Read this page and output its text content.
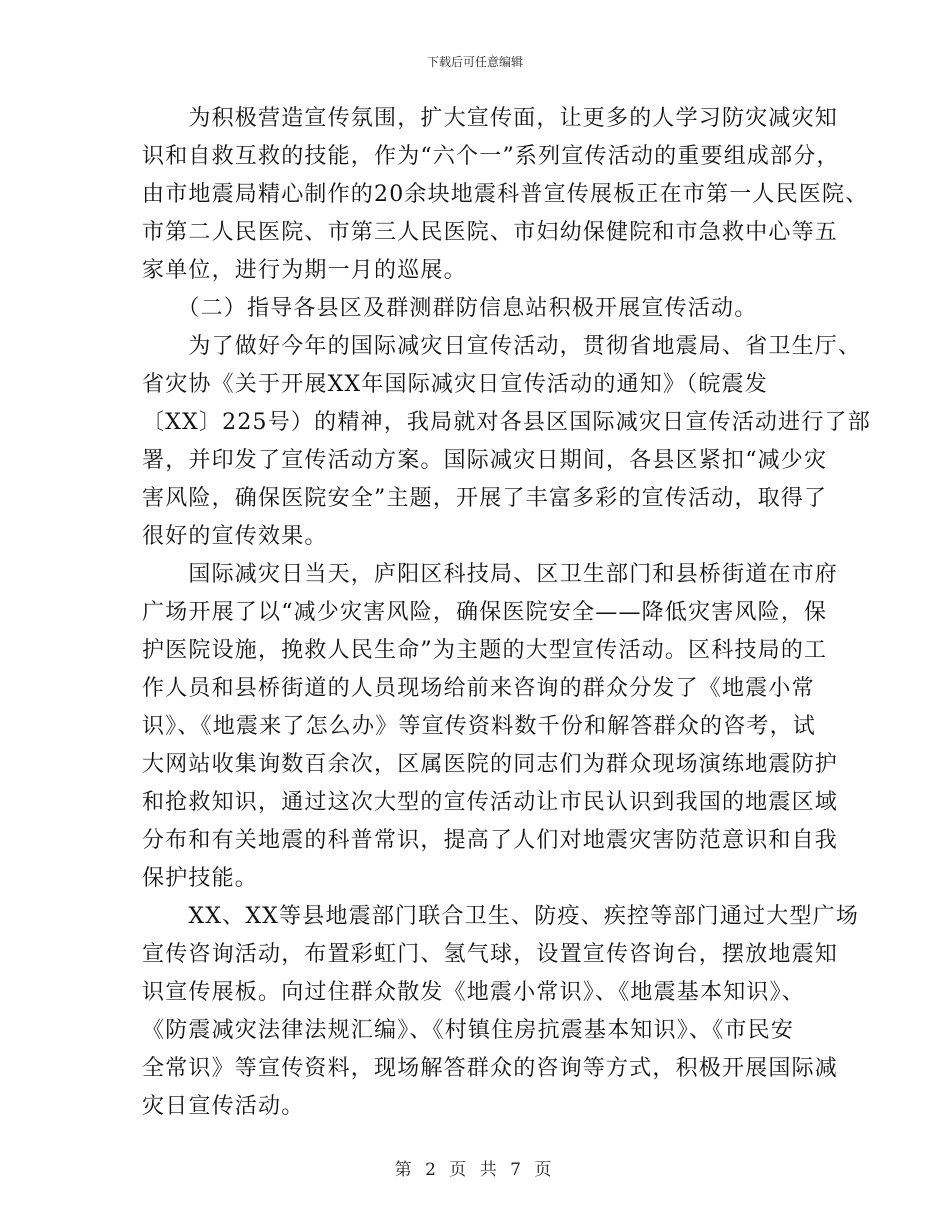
下载后可任意编辑
　　为积极营造宣传氛围，扩大宣传面，让更多的人学习防灾减灾知
识和自救互救的技能，作为“六个一”系列宣传活动的重要组成部分，
由市地震局精心制作的20余块地震科普宣传展板正在市第一人民医院、
市第二人民医院、市第三人民医院、市妇幼保健院和市急救中心等五
家单位，进行为期一月的巡展。
　　（二）指导各县区及群测群防信息站积极开展宣传活动。
　　为了做好今年的国际减灾日宣传活动，贯彻省地震局、省卫生厅、
省灾协《关于开展XX年国际减灾日宣传活动的通知》（皖震发
〔XX〕225号）的精神，我局就对各县区国际减灾日宣传活动进行了部
署，并印发了宣传活动方案。国际减灾日期间，各县区紧扣“减少灾
害风险，确保医院安全”主题，开展了丰富多彩的宣传活动，取得了
很好的宣传效果。
　　国际减灾日当天，庐阳区科技局、区卫生部门和县桥街道在市府
广场开展了以“减少灾害风险，确保医院安全——降低灾害风险，保
护医院设施，挽救人民生命”为主题的大型宣传活动。区科技局的工
作人员和县桥街道的人员现场给前来咨询的群众分发了《地震小常
识》、《地震来了怎么办》等宣传资料数千份和解答群众的咨考，试
大网站收集询数百余次，区属医院的同志们为群众现场演练地震防护
和抢救知识，通过这次大型的宣传活动让市民认识到我国的地震区域
分布和有关地震的科普常识，提高了人们对地震灾害防范意识和自我
保护技能。
　　XX、XX等县地震部门联合卫生、防疫、疾控等部门通过大型广场
宣传咨询活动，布置彩虹门、氢气球，设置宣传咨询台，摆放地震知
识宣传展板。向过住群众散发《地震小常识》、《地震基本知识》、
《防震减灾法律法规汇编》、《村镇住房抗震基本知识》、《市民安
全常识》等宣传资料，现场解答群众的咨询等方式，积极开展国际减
灾日宣传活动。
第 2 页 共 7 页
